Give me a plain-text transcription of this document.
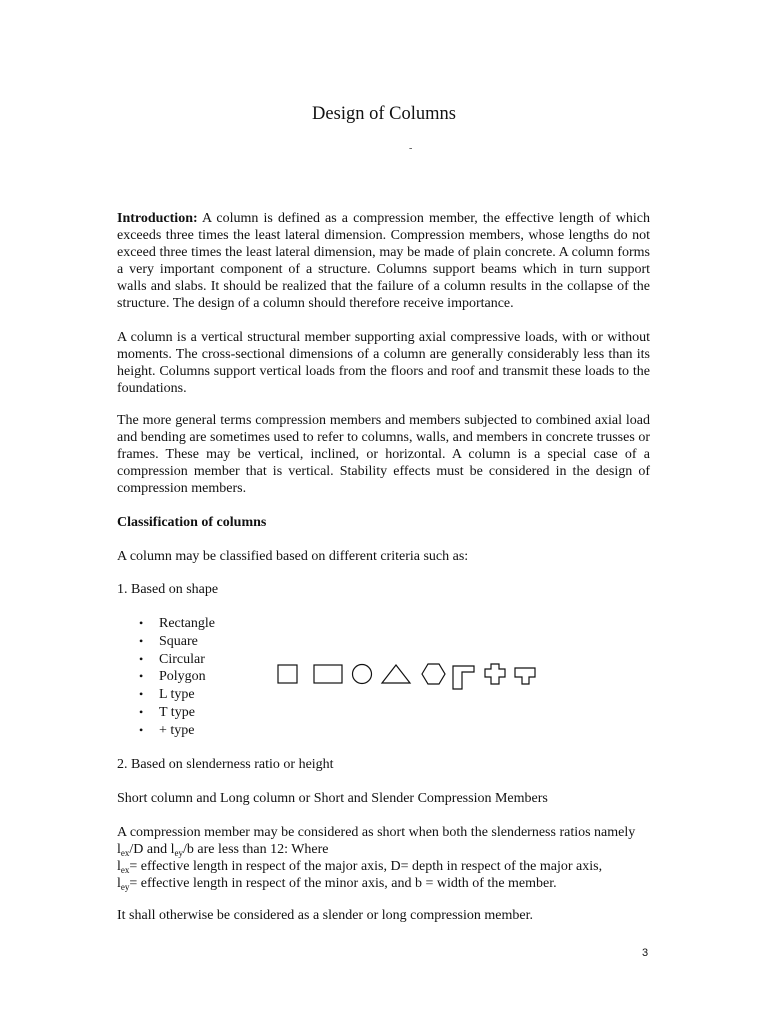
Design of Columns
-

Introduction: A column is defined as a compression member, the effective length of which exceeds three times the least lateral dimension. Compression members, whose lengths do not exceed three times the least lateral dimension, may be made of plain concrete. A column forms a very important component of a structure. Columns support beams which in turn support walls and slabs. It should be realized that the failure of a column results in the collapse of the structure. The design of a column should therefore receive importance.

A column is a vertical structural member supporting axial compressive loads, with or without moments. The cross-sectional dimensions of a column are generally considerably less than its height. Columns support vertical loads from the floors and roof and transmit these loads to the foundations.

The more general terms compression members and members subjected to combined axial load and bending are sometimes used to refer to columns, walls, and members in concrete trusses or frames. These may be vertical, inclined, or horizontal. A column is a special case of a compression member that is vertical. Stability effects must be considered in the design of compression members.

Classification of columns

A column may be classified based on different criteria such as:

1. Based on shape

• Rectangle
• Square
• Circular
• Polygon
• L type
• T type
• + type

2. Based on slenderness ratio or height

Short column and Long column or Short and Slender Compression Members

A compression member may be considered as short when both the slenderness ratios namely

$l_{ex}/D$ and $l_{ey}/b$ are less than 12: Where

$l_{ex}=$ effective length in respect of the major axis, D= depth in respect of the major axis,

$l_{ey}=$ effective length in respect of the minor axis, and b = width of the member.

It shall otherwise be considered as a slender or long compression member.

3
